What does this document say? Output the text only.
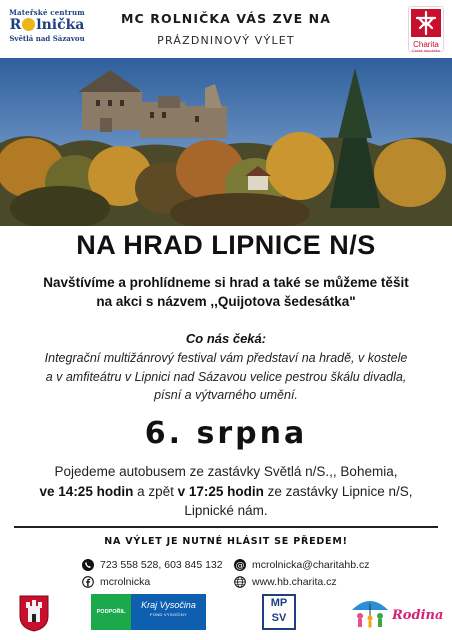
Mateřské centrum
R lnička
Světlá nad Sázavou
MC ROLNIČKA VÁS ZVE NA
PRÁZDNINOVÝ VÝLET	Charita
Česká republika
NA HRAD LIPNICE N/S
Navštívíme a prohlídneme si hrad a také se můžeme těšit
na akci s názvem ,,Quijotova šedesátka"
Co nás čeká:
Integrační multižánrový festival vám představí na hradě, v kostele
a v amfiteátru v Lipnici nad Sázavou velice pestrou škálu divadla,
písní a výtvarného umění.
6. srpna
Pojedeme autobusem ze zastávky Světlá n/S.,, Bohemia,
ve 14:25 hodin a zpět v 17:25 hodin ze zastávky Lipnice n/S,
Lipnické nám.
NA VÝLET JE NUTNÉ HLÁSIT SE PŘEDEM!
723 558 528, 603 845 132 @ mcrolnicka@charitahb.cz
mcrolnicka	www.hb.charita.cz
PODPOŘIL
Kraj Vysočina
FOND VYSOČINY
MP
SV	Rodina
